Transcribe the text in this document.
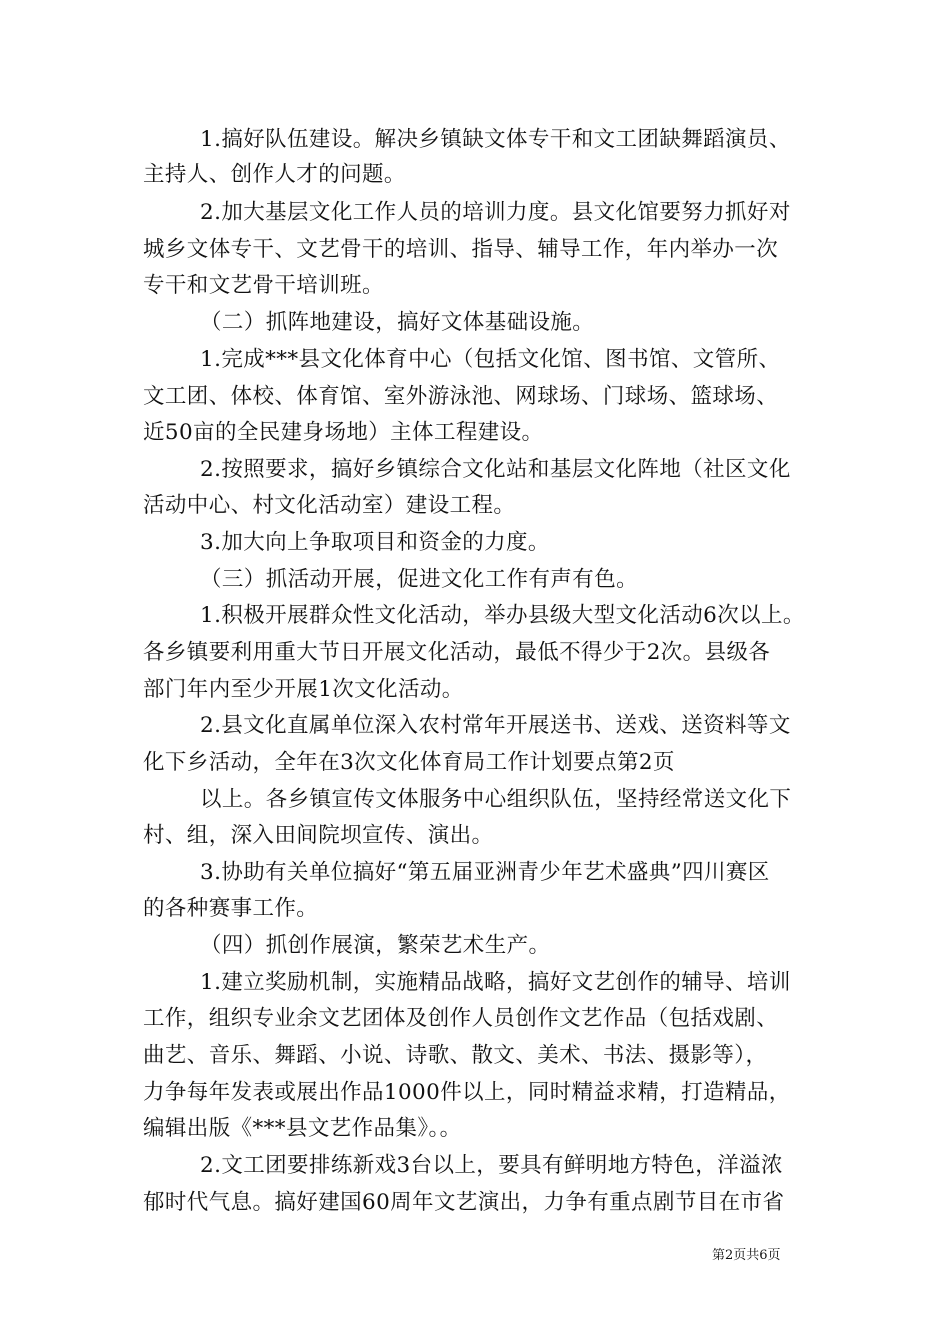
1.搞好队伍建设。解决乡镇缺文体专干和文工团缺舞蹈演员、
主持人、创作人才的问题。
2.加大基层文化工作人员的培训力度。县文化馆要努力抓好对
城乡文体专干、文艺骨干的培训、指导、辅导工作，年内举办一次
专干和文艺骨干培训班。
（二）抓阵地建设，搞好文体基础设施。
1.完成***县文化体育中心（包括文化馆、图书馆、文管所、
文工团、体校、体育馆、室外游泳池、网球场、门球场、篮球场、
近50亩的全民建身场地）主体工程建设。
2.按照要求，搞好乡镇综合文化站和基层文化阵地（社区文化
活动中心、村文化活动室）建设工程。
3.加大向上争取项目和资金的力度。
（三）抓活动开展，促进文化工作有声有色。
1.积极开展群众性文化活动，举办县级大型文化活动6次以上。
各乡镇要利用重大节日开展文化活动，最低不得少于2次。县级各
部门年内至少开展1次文化活动。
2.县文化直属单位深入农村常年开展送书、送戏、送资料等文
化下乡活动，全年在3次文化体育局工作计划要点第2页
以上。各乡镇宣传文体服务中心组织队伍，坚持经常送文化下
村、组，深入田间院坝宣传、演出。
3.协助有关单位搞好“第五届亚洲青少年艺术盛典”四川赛区
的各种赛事工作。
（四）抓创作展演，繁荣艺术生产。
1.建立奖励机制，实施精品战略，搞好文艺创作的辅导、培训
工作，组织专业余文艺团体及创作人员创作文艺作品（包括戏剧、
曲艺、音乐、舞蹈、小说、诗歌、散文、美术、书法、摄影等），
力争每年发表或展出作品1000件以上，同时精益求精，打造精品，
编辑出版《***县文艺作品集》。。
2.文工团要排练新戏3台以上，要具有鲜明地方特色，洋溢浓
郁时代气息。搞好建国60周年文艺演出，力争有重点剧节目在市省
第2页共6页
